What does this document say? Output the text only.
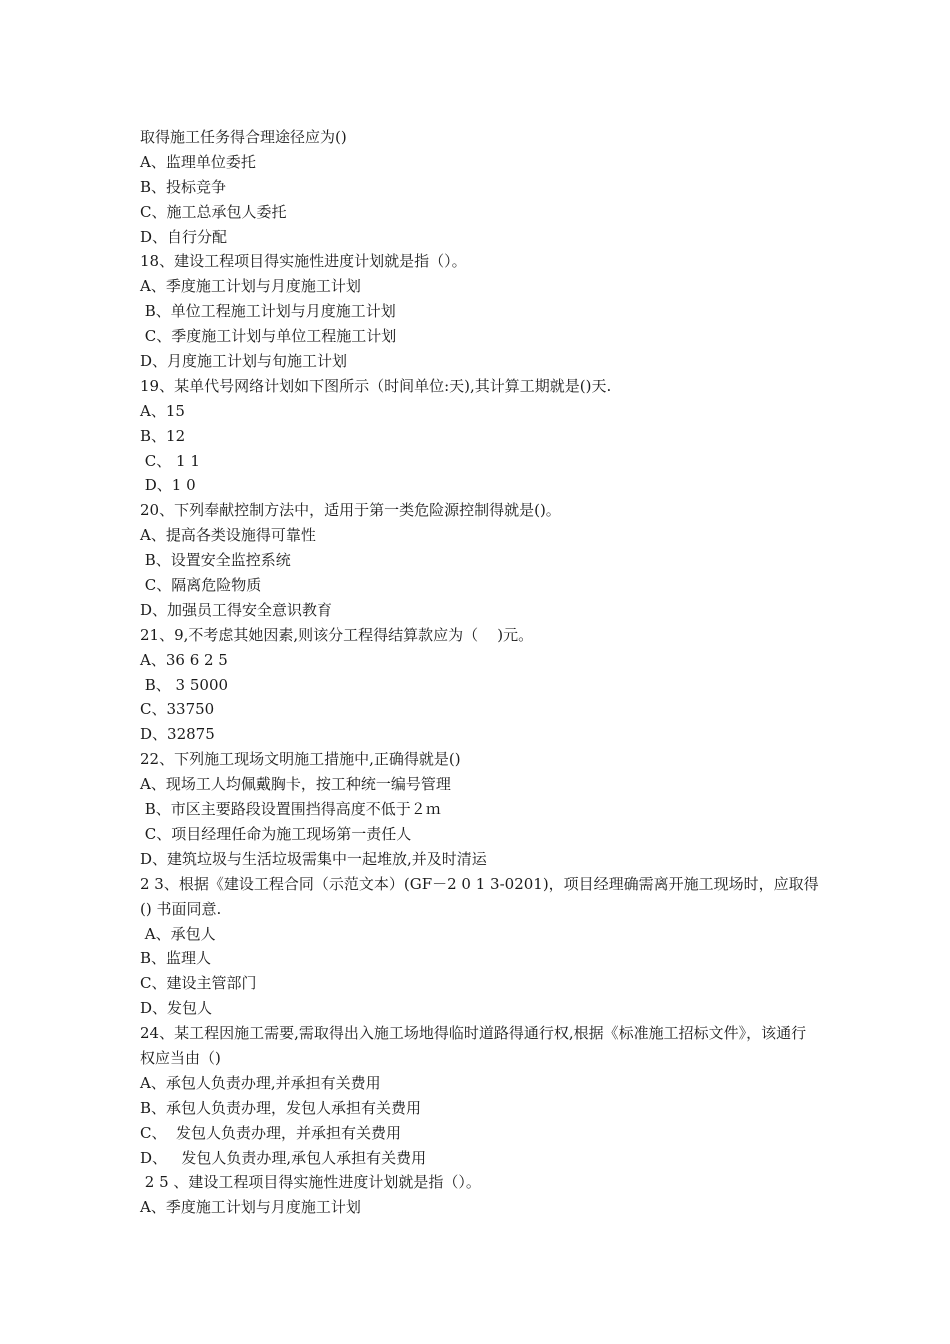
取得施工任务得合理途径应为()
A、监理单位委托
B、投标竞争
C、施工总承包人委托
D、自行分配
18、建设工程项目得实施性进度计划就是指（）。
A、季度施工计划与月度施工计划
B、单位工程施工计划与月度施工计划
C、季度施工计划与单位工程施工计划
D、月度施工计划与旬施工计划
19、某单代号网络计划如下图所示（时间单位:天),其计算工期就是()天.
A、15
B、12
C、 1 1
D、1 0
20、下列奉献控制方法中，适用于第一类危险源控制得就是()。
A、提高各类设施得可靠性
B、设置安全监控系统
C、隔离危险物质
D、加强员工得安全意识教育
21、9,不考虑其她因素,则该分工程得结算款应为（    )元。
A、36 6 2 5
B、 3 5000
C、33750
D、32875
22、下列施工现场文明施工措施中,正确得就是()
A、现场工人均佩戴胸卡，按工种统一编号管理
B、市区主要路段设置围挡得高度不低于２ｍ
C、项目经理任命为施工现场第一责任人
D、建筑垃圾与生活垃圾需集中一起堆放,并及时清运
2 3、根据《建设工程合同（示范文本）(GF－2 0 1 3-0201)，项目经理确需离开施工现场时，应取得() 书面同意.
A、承包人
B、监理人
C、建设主管部门
D、发包人
24、某工程因施工需要,需取得出入施工场地得临时道路得通行权,根据《标准施工招标文件》，该通行权应当由（)
A、承包人负责办理,并承担有关费用
B、承包人负责办理，发包人承担有关费用
C、  发包人负责办理，并承担有关费用
D、   发包人负责办理,承包人承担有关费用
2 5 、建设工程项目得实施性进度计划就是指（）。
A、季度施工计划与月度施工计划
